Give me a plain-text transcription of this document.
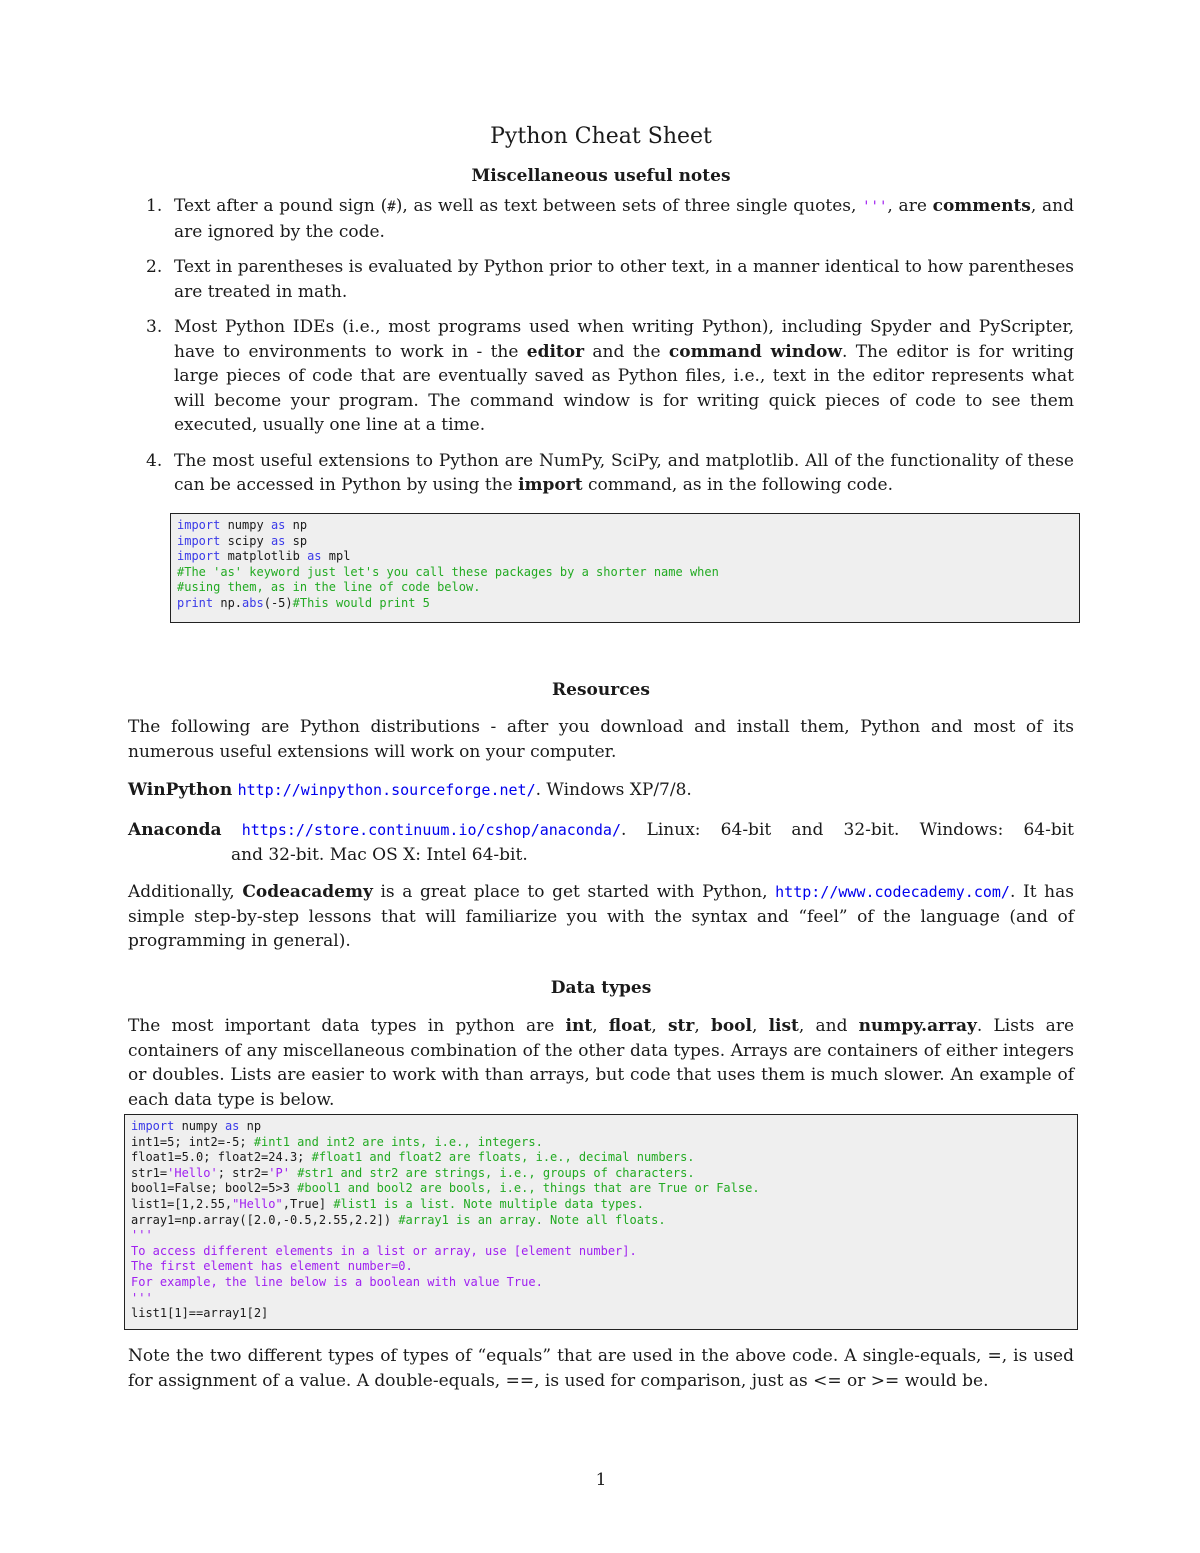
Python Cheat Sheet
Miscellaneous useful notes
1. Text after a pound sign (#), as well as text between sets of three single quotes, ''', are comments, and are ignored by the code.
2. Text in parentheses is evaluated by Python prior to other text, in a manner identical to how parentheses are treated in math.
3. Most Python IDEs (i.e., most programs used when writing Python), including Spyder and PyScripter, have to environments to work in - the editor and the command window. The editor is for writing large pieces of code that are eventually saved as Python files, i.e., text in the editor represents what will become your program. The command window is for writing quick pieces of code to see them executed, usually one line at a time.
4. The most useful extensions to Python are NumPy, SciPy, and matplotlib. All of the functionality of these can be accessed in Python by using the import command, as in the following code.
import numpy as np
import scipy as sp
import matplotlib as mpl
#The 'as' keyword just let's you call these packages by a shorter name when
#using them, as in the line of code below.
print np.abs(-5)#This would print 5
Resources

The following are Python distributions - after you download and install them, Python and most of its numerous useful extensions will work on your computer.

WinPython http://winpython.sourceforge.net/. Windows XP/7/8.
Anaconda https://store.continuum.io/cshop/anaconda/. Linux: 64-bit and 32-bit. Windows: 64-bit
and 32-bit. Mac OS X: Intel 64-bit.

Additionally, Codeacademy is a great place to get started with Python, http://www.codecademy.com/. It has simple step-by-step lessons that will familiarize you with the syntax and “feel” of the language (and of programming in general).

Data types

The most important data types in python are int, float, str, bool, list, and numpy.array. Lists are containers of any miscellaneous combination of the other data types. Arrays are containers of either integers or doubles. Lists are easier to work with than arrays, but code that uses them is much slower. An example of each data type is below.

import numpy as np
int1=5; int2=-5; #int1 and int2 are ints, i.e., integers.
float1=5.0; float2=24.3; #float1 and float2 are floats, i.e., decimal numbers.
str1='Hello'; str2='P' #str1 and str2 are strings, i.e., groups of characters.
bool1=False; bool2=5>3 #bool1 and bool2 are bools, i.e., things that are True or False.
list1=[1,2.55,"Hello",True] #list1 is a list. Note multiple data types.
array1=np.array([2.0,-0.5,2.55,2.2]) #array1 is an array. Note all floats.
'''
To access different elements in a list or array, use [element number].
The first element has element number=0.
For example, the line below is a boolean with value True.
'''
list1[1]==array1[2]

Note the two different types of types of “equals” that are used in the above code. A single-equals, =, is used for assignment of a value. A double-equals, ==, is used for comparison, just as <= or >= would be.

1
